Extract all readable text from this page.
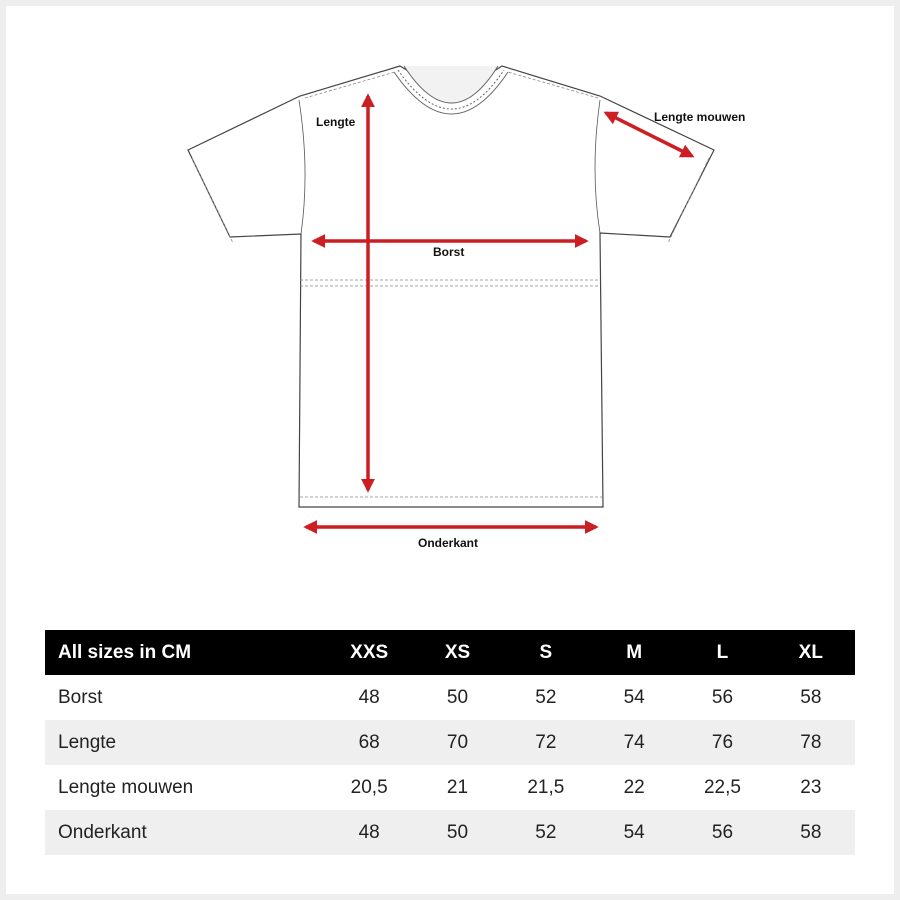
Lengte	Lengte mouwen
Borst
Onderkant
All sizes in CM	XXS	XS	S	M	L	XL
Borst	48	50	52	54	56	58
Lengte	68	70	72	74	76	78
Lengte mouwen	20,5	21	21,5	22	22,5	23
Onderkant	48	50	52	54	56	58
